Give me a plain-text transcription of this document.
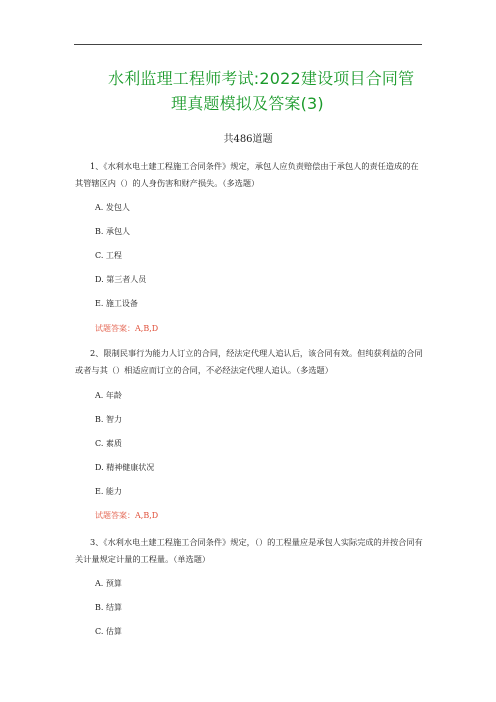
水利监理工程师考试:2022建设项目合同管
理真题模拟及答案(3)
共486道题

1、《水利水电土建工程施工合同条件》规定，承包人应负责赔偿由于承包人的责任造成的在其管辖区内（）的人身伤害和财产损失。（多选题）

A. 发包人
B. 承包人
C. 工程
D. 第三者人员
E. 施工设备
试题答案：A,B,D

2、限制民事行为能力人订立的合同，经法定代理人追认后，该合同有效。但纯获利益的合同或者与其（）相适应而订立的合同，不必经法定代理人追认。（多选题）

A. 年龄
B. 智力
C. 素质
D. 精神健康状况
E. 能力
试题答案：A,B,D

3、《水利水电土建工程施工合同条件》规定，（）的工程量应是承包人实际完成的并按合同有关计量规定计量的工程量。（单选题）

A. 预算
B. 结算
C. 估算
